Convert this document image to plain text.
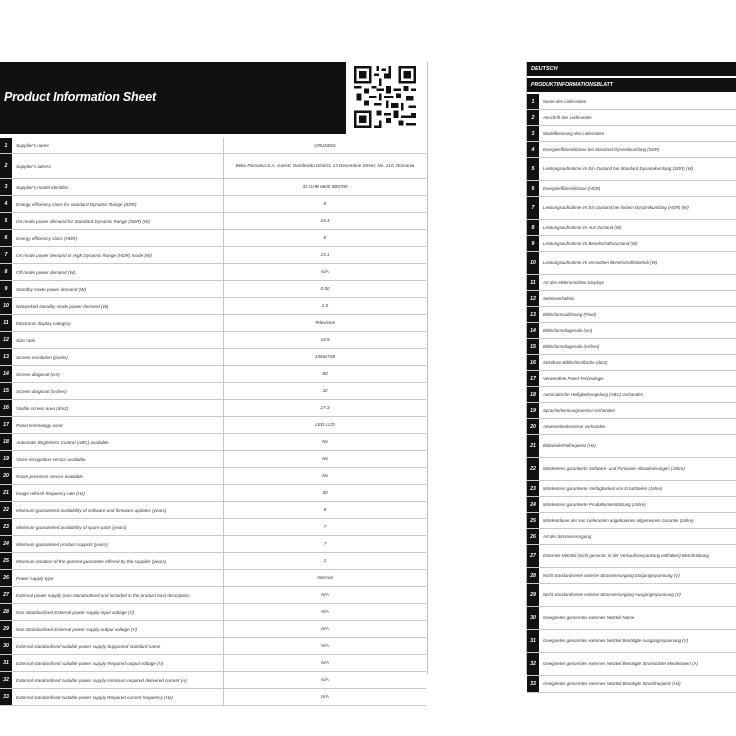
Product Information Sheet
1	Supplier's name	GRUNDIG
2	Supplier's adress	Beko Romania S.A. Gaesti, Dambovita District, 13 Decembrie Street, No. 210, Romania
3	Supplier's model identifier	32 GHB 6600 5B5700
4	Energy efficiency class for standard Dynamic Range (SDR)	E
5	On mode power demand for Standard Dynamic Range (SDR) (W)	24.4
6	Energy efficiency class (HDR)	E
7	On mode power demand in High Dynamic Range (HDR) mode (W)	24.1
8	Off mode power demand (W)	N/A
9	Standby mode power demand (W)	0.50
10	Networked standby mode power demand (W)	2.0
11	Electronic display category	Television
12	Size ratio	16:9
13	Screen resolution (pixels)	1366x768
14	Screen diagonal (cm)	80
15	Screen diagonal (inches)	32
16	Visible screen area (dm2)	27.3
17	Panel technology used	LED LCD
18	Automatic Brightness Control (ABC) available	No
19	Voice recognition sensor available	No
20	Room presence sensor available	No
21	Image refresh frequency rate (Hz)	50
22	Minimum guaranteed availability of software and firmware updates (years)	8
23	Minimum guaranteed availability of spare parts (years)	7
24	Minimum guaranteed product support (years)	7
25	Minimum duration of the general guarantee offered by the supplier (years)	2
26	Power supply type	Internal
27	External power supply (non-standardised and included in the product box) description	N/A
28	Non-Standardised External power supply input voltage (V)	N/A
29	Non-Standardised External power supply output voltage (V)	N/A
30	External standardised suitable power supply Supported standard name	N/A
31	External standardised suitable power supply Required output voltage (V)	N/A
32	External standardised suitable power supply minimum required delivered current (A)	N/A
33	External standardised suitable power supply Required current frequency (Hz)	N/A
DEUTSCH
PRODUKTINFORMATIONSBLATT
1	Name des Lieferanten
2	Anschrift des Lieferanten
3	Modellkennung des Lieferanten
4	Energieeffizienzklasse bei Standard-Dynamikumfang (SDR)
5	Leistungsaufnahme im Ein-Zustand bei Standard-Dynamikumfang (SDR) (W)
6	Energieeffizienzklasse (HDR)
7	Leistungsaufnahme im Ein-Zustand bei hohem Dynamikumfang (HDR) (W)
8	Leistungsaufnahme im Aus-Zustand (W)
9	Leistungsaufnahme im Bereitschaftszustand (W)
10	Leistungsaufnahme im vernetzten Bereitschaftsbetrieb (W)
11	Art des elektronischen Displays
12	Seitenverhältnis
13	Bildschirmauflösung (Pixel)
14	Bildschirmdiagonale (cm)
15	Bildschirmdiagonale (Inches)
16	Sichtbare Bildschirmfläche (dm2)
17	Verwendete Panel-Technologie
18	Automatische Helligkeitsregelung (ABC) vorhanden
19	Spracherkennungssensor vorhanden
20	Anwesenheitssensor vorhanden
21	Bildwiederholfrequenz (Hz)
22	Mindestens garantierte Software- und Firmware-Aktualisierungen (Jahre)
23	Mindestens garantierte Verfügbarkeit von Ersatzteilen (Jahre)
24	Mindestens garantierte Produktunterstützung (Jahre)
25	Mindestdauer der von Lieferanten angebotenen allgemeinen Garantie (Jahre)
26	Art der Stromversorgung
27	Externes Netzteil (nicht genormt, in der Verkaufsverpackung enthalten) Beschreibung
28	Nicht standardisierte externe Stromversorgung Eingangsspannung (V)
29	Nicht standardisierte externe Stromversorgung Ausgangsspannung (V)
30	Geeignetes genormtes externes Netzteil Name
31	Geeignetes genormtes externes Netzteil Benötigte Ausgangsspannung (V)
32	Geeignetes genormtes externes Netzteil Benötigte Stromstärke Mindestwert (A)
33	Geeignetes genormtes externes Netzteil Benötigte Stromfrequenz (Hz)
